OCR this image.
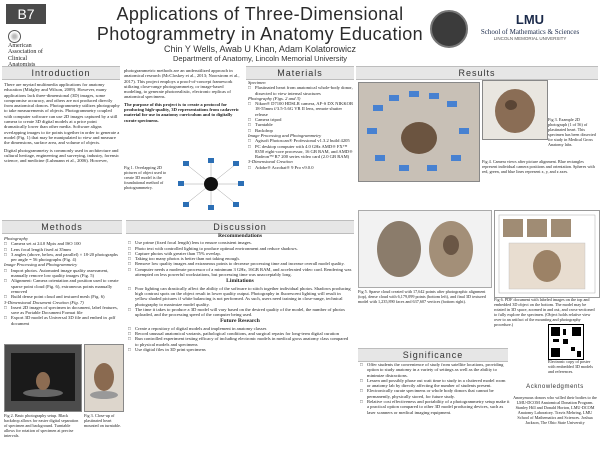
B7
American
Association of
Clinical
Applications of Three-Dimensional
Photogrammetry in Anatomy Education
Chin Y Wells, Awab U Khan, Adam Kolatorowicz
Department of Anatomy, Lincoln Memorial University
LMU
School of Mathematics & Sciences
LINCOLN MEMORIAL UNIVERSITY
Introduction

There are myriad multimedia applications for anatomy education (Midgley and Wilson, 2009). However, many applications lack three-dimensional (3D) images, some compromise accuracy, and others are not produced directly from anatomical donors. Photogrammetry utilizes photography to take measurements of objects. Photogrammetry coupled with computer software can use 2D images captured by a still camera to create 3D digital models at a price point dramatically lower than other media. Software aligns overlapping images to tie points together in order to generate a model (Fig. 1) that may be manipulated to view and measure the dimensions, surface area, and volume of objects.

Digital photogrammetry is commonly used in architecture and cultural heritage, engineering and surveying, industry, forensic science, and medicine (Luhmann et al., 2006). However,

photogrammetric methods are an underutilized approach in anatomical research (McCloskey et al., 2013; Noorstrom et al., 2017). This project employs a proof-of-concept framework utilizing close-range photogrammetry, or image-based modeling, to generate photorealistic, electronic replicas of anatomical specimens.

The purpose of this project is to create a protocol for producing high-quality, 3D representations from cadaveric material for use in anatomy curriculum and to digitally curate specimens.

Fig 1. Overlapping 2D pictures of object used to create 3D model is the foundational method of photogrammetry.
Materials
Specimen
□ Plastinated heart from anatomical whole-body donor, dissected to view internal structures
Photography (Figs. 2 and 3)
□ Nikon® D7100 HDSLR camera, AF-S DX NIKKOR 18-55mm f/3.5-5.6G VR II lens, remote shutter release
□ Camera tripod
□ Turntable
□ Backdrop
Image Processing and Photogrammetry
□ Agisoft Photoscan® Professional v1.3.2 build 4205
□ PC desktop computer with 4.0 GHz AMD® FX™ 8350 eight-core processor, 16 GB RAM, and AMD® Radeon™ R7 200 series video card (2.0 GB RAM)
3-Dimensional Creation
□ Adobe® Acrobat® 9 Pro v9.0.0
Results
Fig 3. Example 2D photograph (1 of 56) of plastinated heart. This specimen has been dissected for study in Medical Gross Anatomy labs.
Fig 4. Camera views after picture alignment. Blue rectangles represent individual camera positions and orientation. Spheres with red, green, and blue lines represent x, y, and z axes.
Fig 5. Sparse cloud created with 17,642 points after photographic alignment (top), dense cloud with 6,179,099 points (bottom left), and final 3D textured model with 1,235,890 faces and 637,607 vertices (bottom right).	Fig 6. PDF document with labeled images on the top and embedded 3D object on the bottom. The model may be rotated in 3D space, zoomed in and out, and cross-sectioned to fully explore the specimen. (Object holds relative view over to an artifact of the mounting and photography procedure.)
Methods
Photography
□ Camera set at 24.0 Mpix and ISO 100
□ Lens focal length fixed at 35mm
□ 3 angles (above, below, and parallel) × 18-20 photographs per angle = 56 photographs (Fig. 4)
Image Processing and Photogrammetry
□ Import photos. Automated image quality assessment, manually remove low quality images (Fig. 5)
□ Alignment: Camera orientation and position used to create sparse point cloud (Fig. 6), extraneous points manually removed
□ Build dense point cloud and textured mesh (Fig. 6)
3-Dimensional Document Creation (Fig. 7)
□ Insert 2D images of specimen in document, label features, save as Portable Document Format file
□ Export 3D model as Universal 3D file and embed in .pdf document
Fig 2. Basic photography setup. Black backdrop allows for easier digital separation of specimen and background. Turntable allows for rotation of specimen at precise intervals.
Fig 3. Close-up of plastinated heart mounted on turntable.
Discussion
Recommendations
□ Use prime (fixed focal length) lens to ensure consistent images.
□ Photo text with controlled lighting to produce optimal environment and reduce shadows.
□ Capture photos with greater than 75% overlap.
□ Taking too many photos is better than not taking enough.
□ Remove low quality images and extraneous points to decrease processing time and increase overall model quality.
□ Computer needs a moderate processor of a minimum 3 GHz, 16GB RAM, and accelerated video card. Rendering was attempted on less powerful workstations, but processing time was unacceptably long.
Limitations
□ Poor lighting can drastically affect the ability of the software to stitch together individual photos. Shadows producing high contrast spots on the object result in lower quality output. Photography in fluorescent lighting will result in yellow shaded pictures if white balancing is not performed. As such, users need training in close-range, technical photography to maximize model quality.
□ The time it takes to produce a 3D model will vary based on the desired quality of the model, the number of photos uploaded, and the processing speed of the computer being used.
Future Research
□ Create a repository of digital models and implement in anatomy classes
□ Record unusual anatomical variants, pathological conditions, and surgical repairs for long-term digital curation
□ Run controlled experiment testing efficacy of including electronic models in medical gross anatomy class compared to physical models and specimens
□ Use digital files in 3D print specimens
Significance
□ Offer students the convenience of study from satellite locations, providing option to study anatomy in a variety of settings as well as the ability to minimize distractions.
□ Lessen and possibly phase out wait time to study in a cluttered model room or anatomy lab by directly affecting the number of students present.
□ Electronically curate specimens or whole body donors that cannot be permanently, physically stored, for future study.
□ Relative cost effectiveness and portability of a photogrammetry setup make it a practical option compared to other 3D model producing devices, such as laser scanners or medical imaging equipment.
Electronic copy of poster with embedded 3D models and references.
Acknowledgments
Anonymous donors who willed their bodies to the LMU-DCOM Anatomical Donation Program. Stanley Hill and Donald Horton, LMU-DCOM Anatomy Laboratory. Travis Mehring, LMU School of Mathematics and Sciences. Joshua Jackson, The Ohio State University
